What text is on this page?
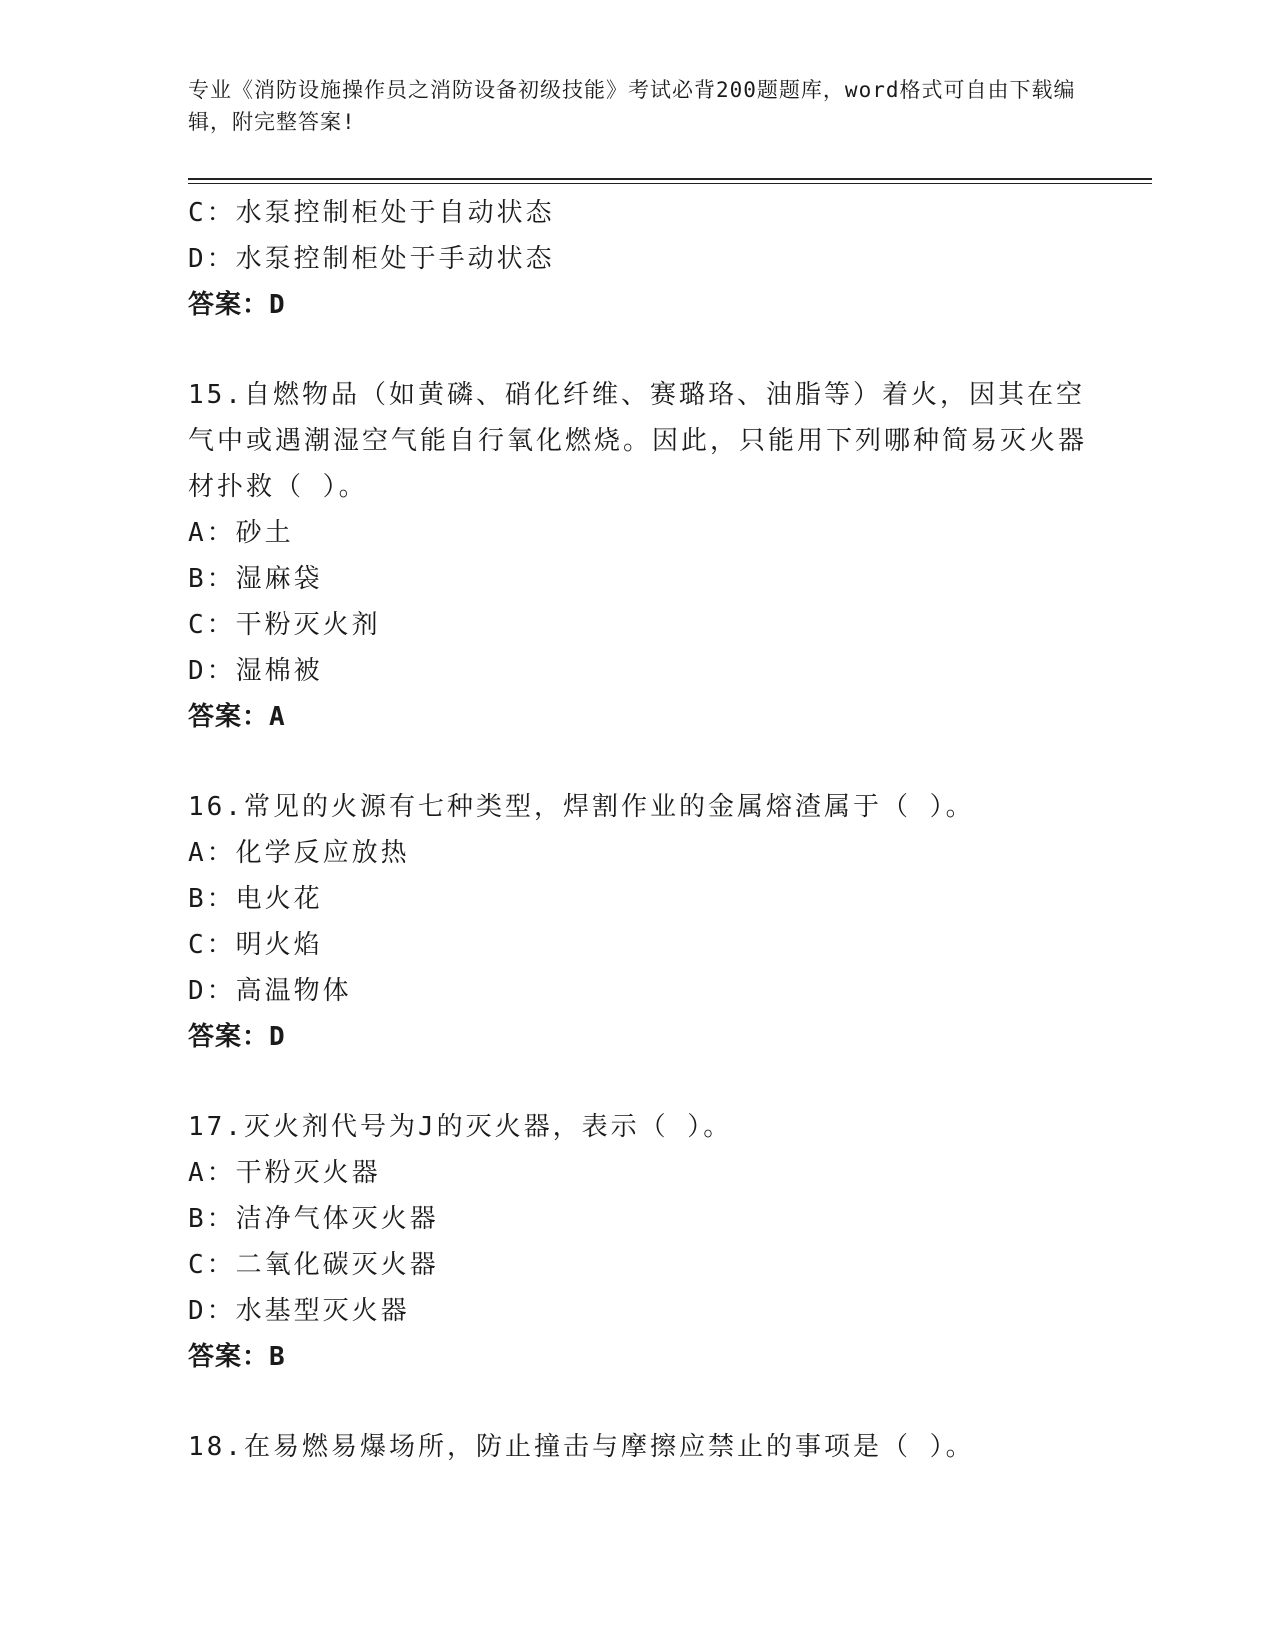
专业《消防设施操作员之消防设备初级技能》考试必背200题题库，word格式可自由下载编辑，附完整答案!
C：水泵控制柜处于自动状态
D：水泵控制柜处于手动状态
答案：D
15.自燃物品（如黄磷、硝化纤维、赛璐珞、油脂等）着火，因其在空气中或遇潮湿空气能自行氧化燃烧。因此，只能用下列哪种简易灭火器材扑救（ ）。
A：砂土
B：湿麻袋
C：干粉灭火剂
D：湿棉被
答案：A
16.常见的火源有七种类型，焊割作业的金属熔渣属于（ ）。
A：化学反应放热
B：电火花
C：明火焰
D：高温物体
答案：D
17.灭火剂代号为J的灭火器，表示（ ）。
A：干粉灭火器
B：洁净气体灭火器
C：二氧化碳灭火器
D：水基型灭火器
答案：B
18.在易燃易爆场所，防止撞击与摩擦应禁止的事项是（ ）。
